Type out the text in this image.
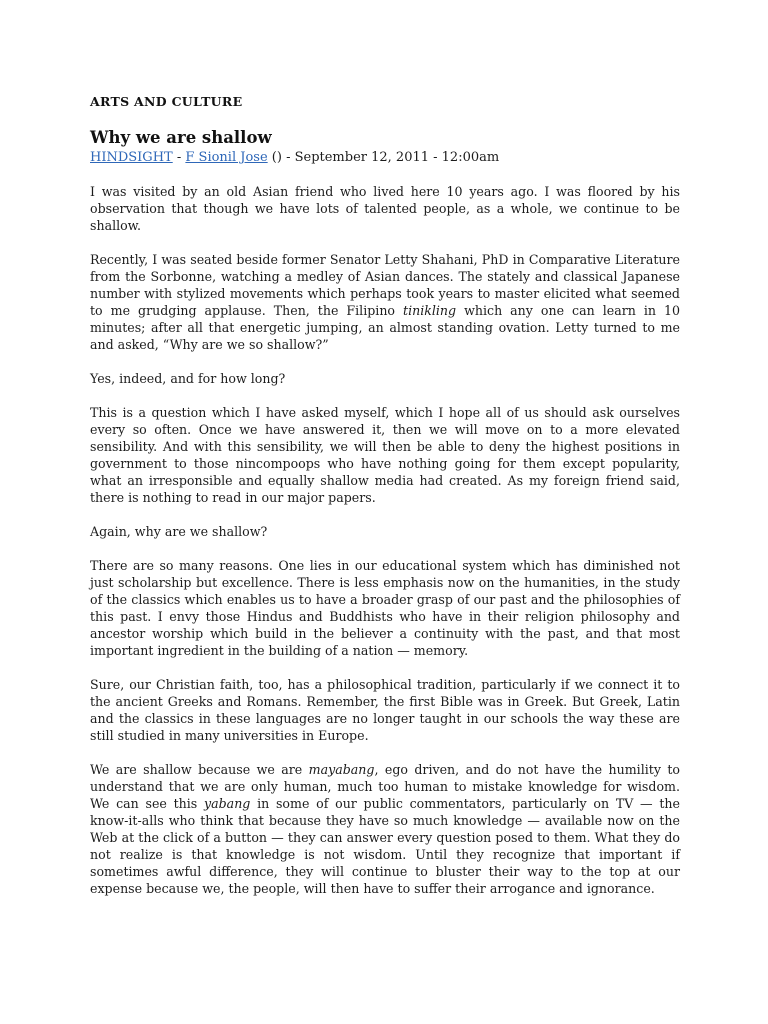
ARTS AND CULTURE
Why we are shallow
HINDSIGHT - F Sionil Jose () - September 12, 2011 - 12:00am

I was visited by an old Asian friend who lived here 10 years ago. I was floored by his observation that though we have lots of talented people, as a whole, we continue to be shallow.

Recently, I was seated beside former Senator Letty Shahani, PhD in Comparative Literature from the Sorbonne, watching a medley of Asian dances. The stately and classical Japanese number with stylized movements which perhaps took years to master elicited what seemed to me grudging applause. Then, the Filipino tinikling which any one can learn in 10 minutes; after all that energetic jumping, an almost standing ovation. Letty turned to me and asked, “Why are we so shallow?”

Yes, indeed, and for how long?

This is a question which I have asked myself, which I hope all of us should ask ourselves every so often. Once we have answered it, then we will move on to a more elevated sensibility. And with this sensibility, we will then be able to deny the highest positions in government to those nincompoops who have nothing going for them except popularity, what an irresponsible and equally shallow media had created. As my foreign friend said, there is nothing to read in our major papers.

Again, why are we shallow?

There are so many reasons. One lies in our educational system which has diminished not just scholarship but excellence. There is less emphasis now on the humanities, in the study of the classics which enables us to have a broader grasp of our past and the philosophies of this past. I envy those Hindus and Buddhists who have in their religion philosophy and ancestor worship which build in the believer a continuity with the past, and that most important ingredient in the building of a nation — memory.

Sure, our Christian faith, too, has a philosophical tradition, particularly if we connect it to the ancient Greeks and Romans. Remember, the first Bible was in Greek. But Greek, Latin and the classics in these languages are no longer taught in our schools the way these are still studied in many universities in Europe.

We are shallow because we are mayabang, ego driven, and do not have the humility to understand that we are only human, much too human to mistake knowledge for wisdom. We can see this yabang in some of our public commentators, particularly on TV — the know-it-alls who think that because they have so much knowledge — available now on the Web at the click of a button — they can answer every question posed to them. What they do not realize is that knowledge is not wisdom. Until they recognize that important if sometimes awful difference, they will continue to bluster their way to the top at our expense because we, the people, will then have to suffer their arrogance and ignorance.
